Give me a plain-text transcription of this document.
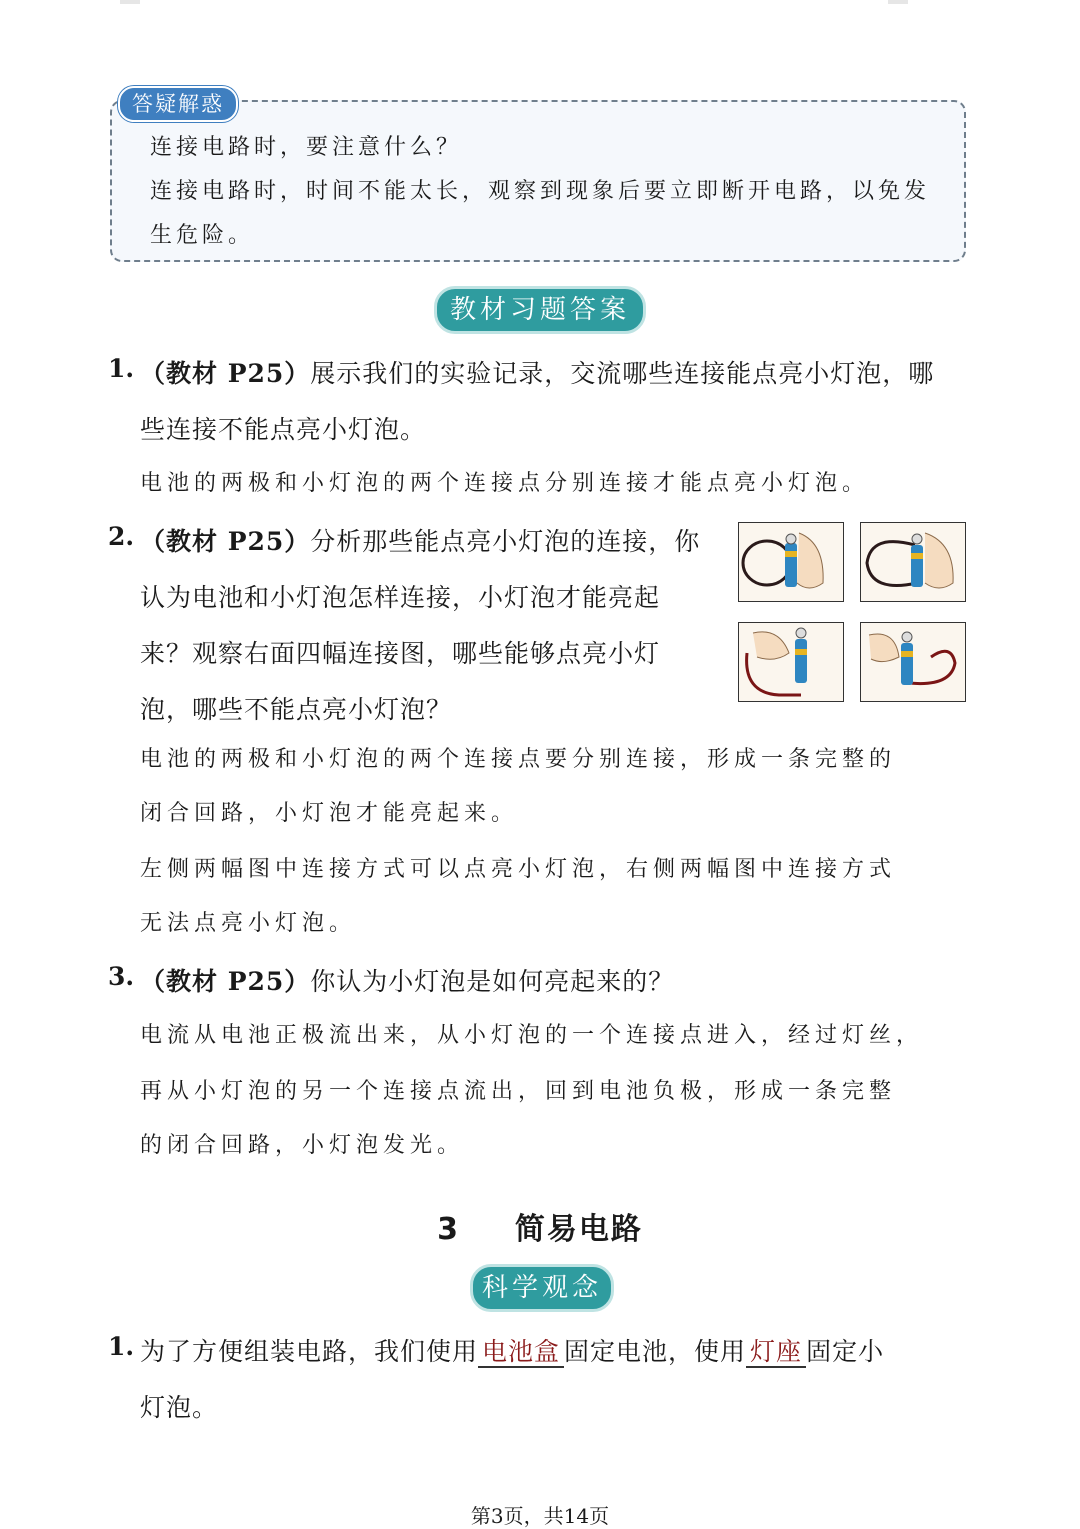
答疑解惑
连接电路时，要注意什么？
连接电路时，时间不能太长，观察到现象后要立即断开电路，以免发
生危险。
教材习题答案
1. （教材 P25）展示我们的实验记录，交流哪些连接能点亮小灯泡，哪
些连接不能点亮小灯泡。
电池的两极和小灯泡的两个连接点分别连接才能点亮小灯泡。
2. （教材 P25）分析那些能点亮小灯泡的连接，你
认为电池和小灯泡怎样连接，小灯泡才能亮起
来？观察右面四幅连接图，哪些能够点亮小灯
泡，哪些不能点亮小灯泡？
电池的两极和小灯泡的两个连接点要分别连接，形成一条完整的
闭合回路，小灯泡才能亮起来。
左侧两幅图中连接方式可以点亮小灯泡，右侧两幅图中连接方式
无法点亮小灯泡。
3. （教材 P25）你认为小灯泡是如何亮起来的？
电流从电池正极流出来，从小灯泡的一个连接点进入，经过灯丝，
再从小灯泡的另一个连接点流出，回到电池负极，形成一条完整
的闭合回路，小灯泡发光。
3 简易电路
科学观念
1. 为了方便组装电路，我们使用 电池盒 固定电池，使用 灯座 固定小
灯泡。
第3页，共14页
